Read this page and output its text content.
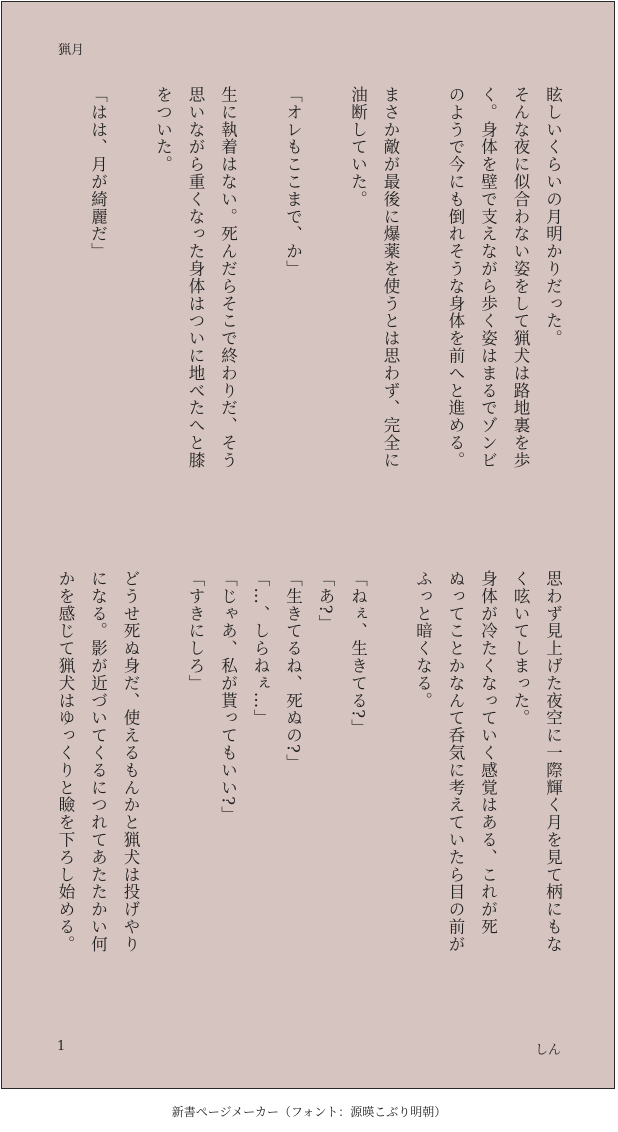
猟月
眩しいくらいの月明かりだった。
そんな夜に似合わない姿をして猟犬は路地裏を歩
く。身体を壁で支えながら歩く姿はまるでゾンビ
のようで今にも倒れそうな身体を前へと進める。
まさか敵が最後に爆薬を使うとは思わず、完全に
油断していた。
「オレもここまで、か」
生に執着はない。死んだらそこで終わりだ、そう
思いながら重くなった身体はついに地べたへと膝
をついた。
「はは、月が綺麗だ」
思わず見上げた夜空に一際輝く月を見て柄にもな
く呟いてしまった。
身体が冷たくなっていく感覚はある、これが死
ぬってことかなんて呑気に考えていたら目の前が
ふっと暗くなる。
「ねぇ、生きてる?」
「あ?」
「生きてるね、死ぬの?」
「…、しらねぇ…」
「じゃあ、私が貰ってもいい?」
「すきにしろ」
どうせ死ぬ身だ、使えるもんかと猟犬は投げやり
になる。影が近づいてくるにつれてあたたかい何
かを感じて猟犬はゆっくりと瞼を下ろし始める。
1	しん
新書ページメーカー（フォント：源暎こぶり明朝）
